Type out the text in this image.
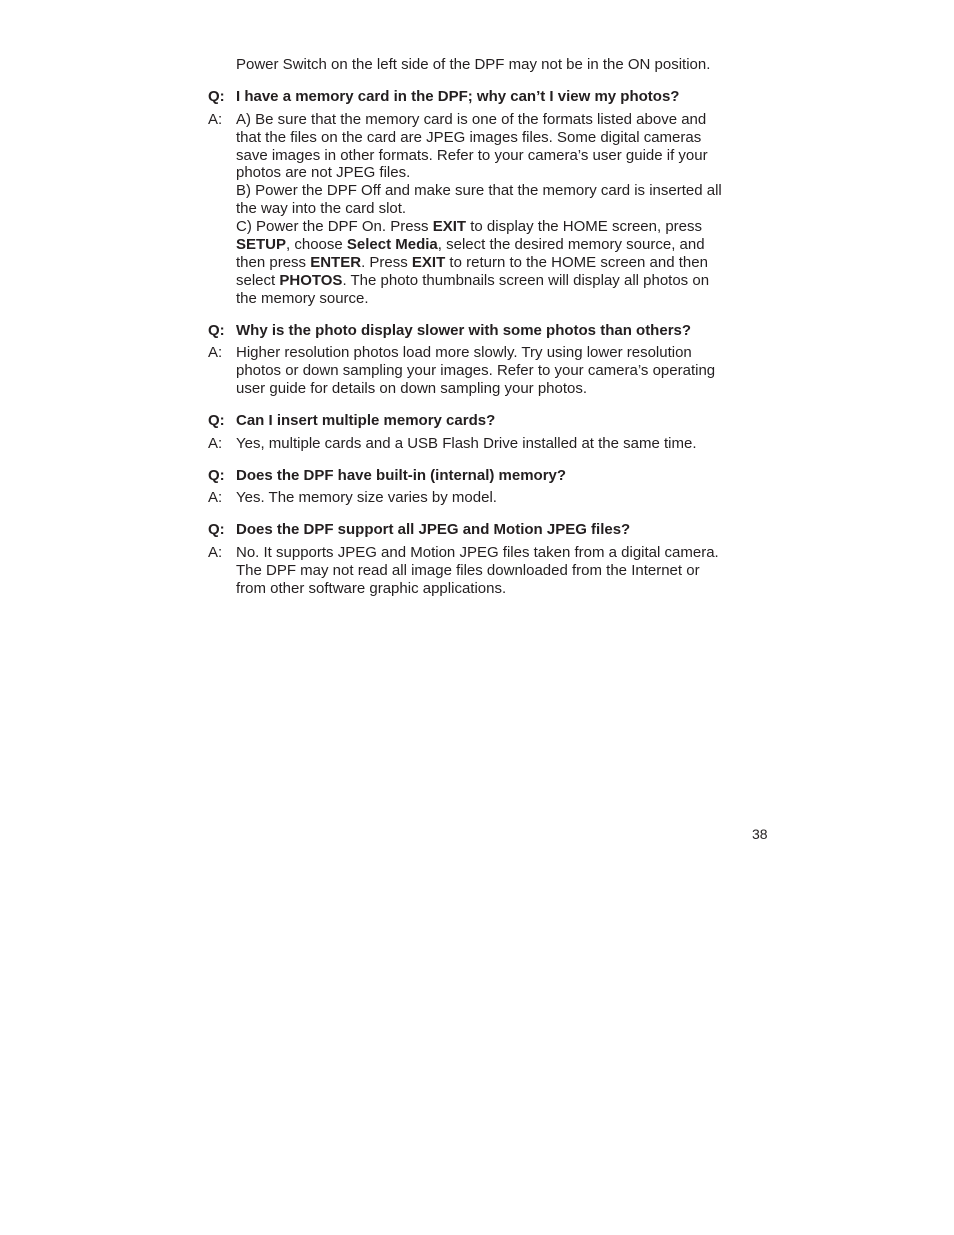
Power Switch on the left side of the DPF may not be in the ON position.
Q: I have a memory card in the DPF; why can’t I view my photos?
A: A) Be sure that the memory card is one of the formats listed above and
that the files on the card are JPEG images files. Some digital cameras
save images in other formats. Refer to your camera’s user guide if your
photos are not JPEG files.
B) Power the DPF Off and make sure that the memory card is inserted all
the way into the card slot.
C) Power the DPF On. Press EXIT to display the HOME screen, press
SETUP, choose Select Media, select the desired memory source, and
then press ENTER. Press EXIT to return to the HOME screen and then
select PHOTOS. The photo thumbnails screen will display all photos on
the memory source.
Q: Why is the photo display slower with some photos than others?
A: Higher resolution photos load more slowly. Try using lower resolution
photos or down sampling your images. Refer to your camera’s operating
user guide for details on down sampling your photos.
Q: Can I insert multiple memory cards?
A: Yes, multiple cards and a USB Flash Drive installed at the same time.
Q: Does the DPF have built-in (internal) memory?
A: Yes. The memory size varies by model.
Q: Does the DPF support all JPEG and Motion JPEG files?
A: No. It supports JPEG and Motion JPEG files taken from a digital camera.
The DPF may not read all image files downloaded from the Internet or
from other software graphic applications.
38
